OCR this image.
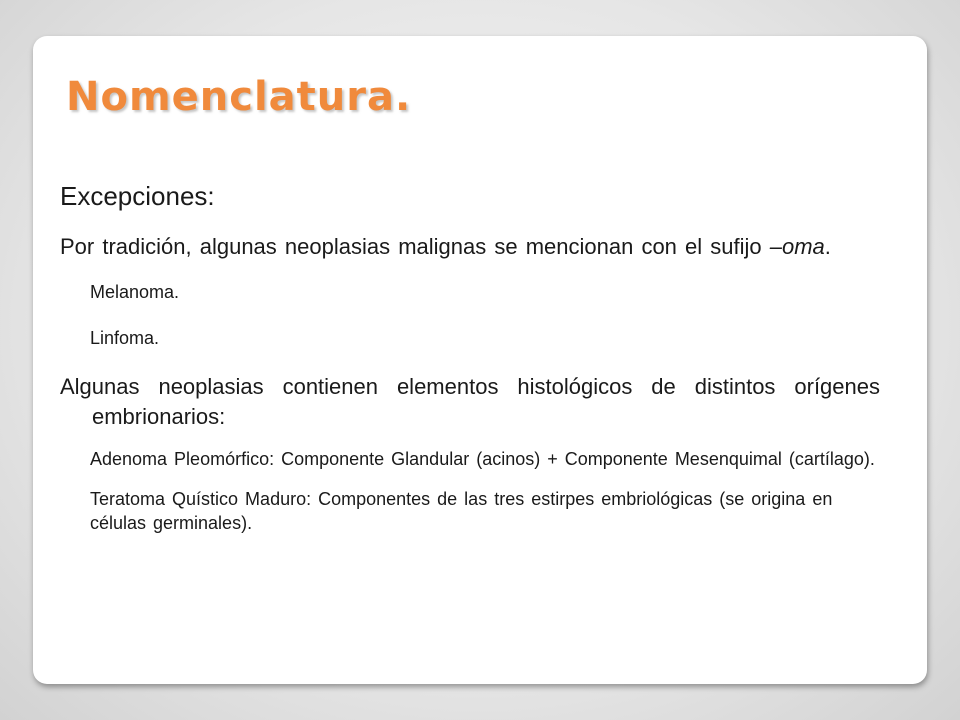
Nomenclatura.

Excepciones:

Por tradición, algunas neoplasias malignas se mencionan con el sufijo –oma.

Melanoma.

Linfoma.

Algunas neoplasias contienen elementos histológicos de distintos orígenes embrionarios:

Adenoma Pleomórfico: Componente Glandular (acinos) + Componente Mesenquimal (cartílago).

Teratoma Quístico Maduro: Componentes de las tres estirpes embriológicas (se origina en células germinales).
